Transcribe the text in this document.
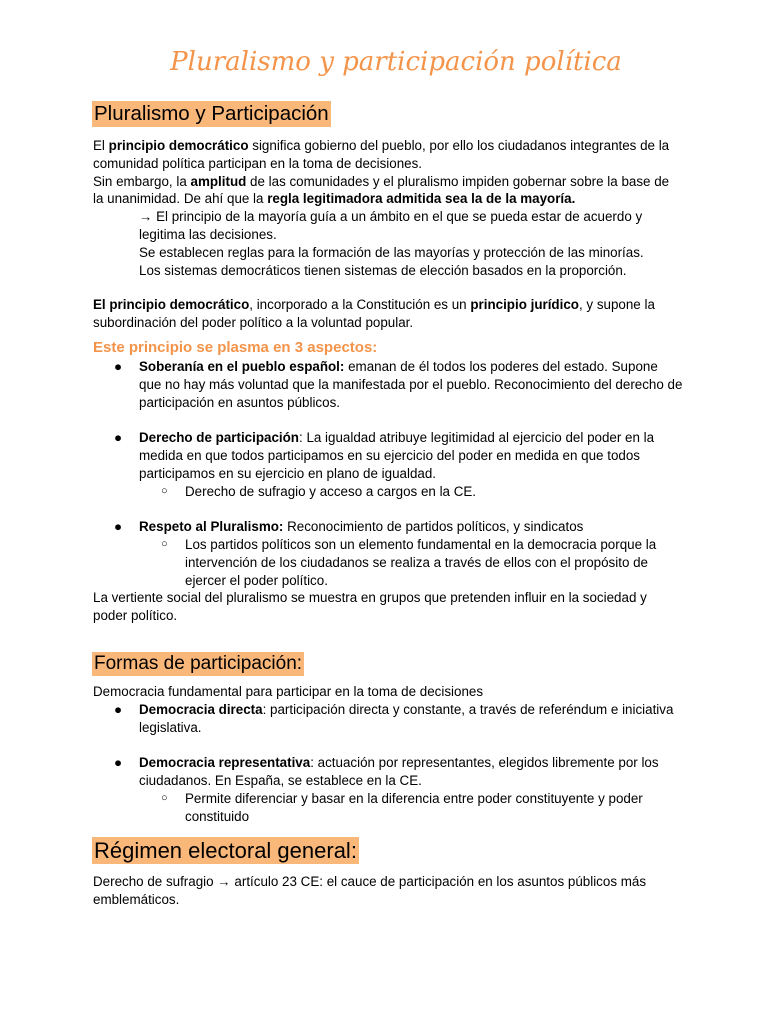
Pluralismo y participación política
Pluralismo y Participación
El principio democrático significa gobierno del pueblo, por ello los ciudadanos integrantes de la comunidad política participan en la toma de decisiones.
Sin embargo, la amplitud de las comunidades y el pluralismo impiden gobernar sobre la base de la unanimidad. De ahí que la regla legitimadora admitida sea la de la mayoría.
→ El principio de la mayoría guía a un ámbito en el que se pueda estar de acuerdo y legitima las decisiones.
Se establecen reglas para la formación de las mayorías y protección de las minorías.
Los sistemas democráticos tienen sistemas de elección basados en la proporción.
El principio democrático, incorporado a la Constitución es un principio jurídico, y supone la subordinación del poder político a la voluntad popular.
Este principio se plasma en 3 aspectos:
● Soberanía en el pueblo español: emanan de él todos los poderes del estado. Supone que no hay más voluntad que la manifestada por el pueblo. Reconocimiento del derecho de participación en asuntos públicos.
● Derecho de participación: La igualdad atribuye legitimidad al ejercicio del poder en la medida en que todos participamos en su ejercicio del poder en medida en que todos participamos en su ejercicio en plano de igualdad.
○ Derecho de sufragio y acceso a cargos en la CE.
● Respeto al Pluralismo: Reconocimiento de partidos políticos, y sindicatos
○ Los partidos políticos son un elemento fundamental en la democracia porque la intervención de los ciudadanos se realiza a través de ellos con el propósito de ejercer el poder político.
La vertiente social del pluralismo se muestra en grupos que pretenden influir en la sociedad y poder político.
Formas de participación:
Democracia fundamental para participar en la toma de decisiones
● Democracia directa: participación directa y constante, a través de referéndum e iniciativa legislativa.
● Democracia representativa: actuación por representantes, elegidos libremente por los ciudadanos. En España, se establece en la CE.
○ Permite diferenciar y basar en la diferencia entre poder constituyente y poder constituido
Régimen electoral general:
Derecho de sufragio → artículo 23 CE: el cauce de participación en los asuntos públicos más emblemáticos.
